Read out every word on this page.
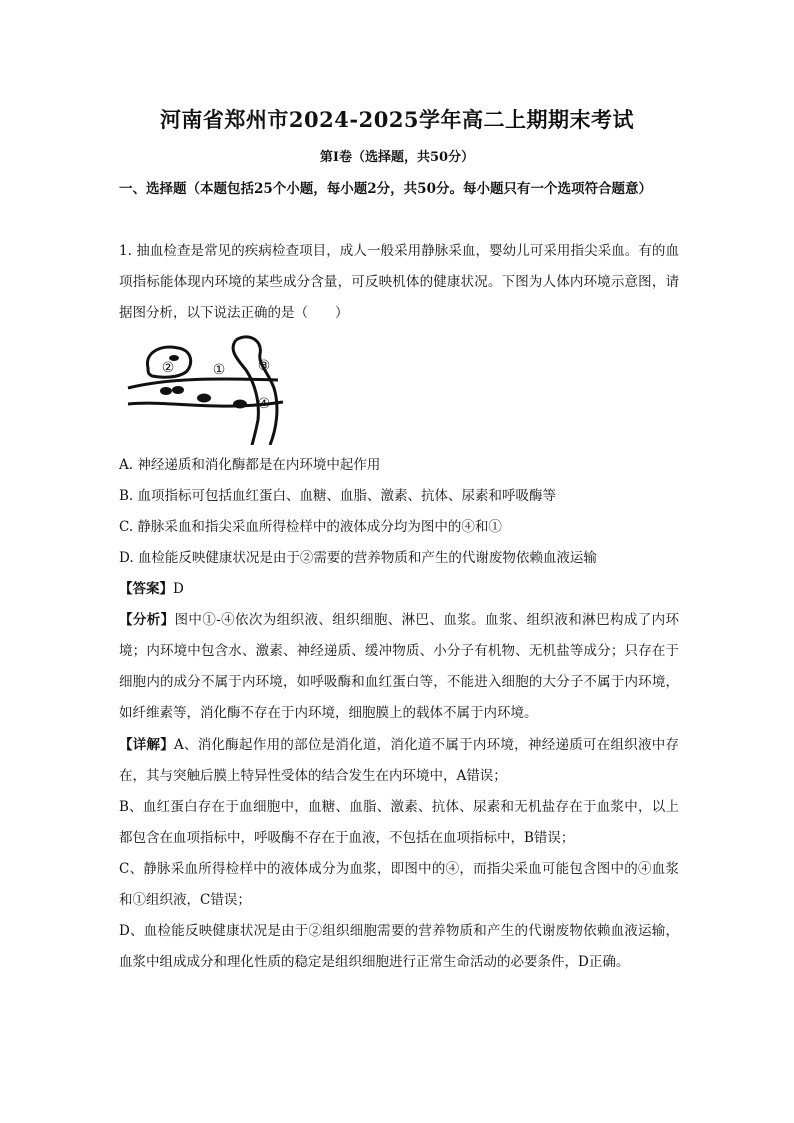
河南省郑州市2024-2025学年高二上期期末考试
第I卷（选择题，共50分）
一、选择题（本题包括25个小题，每小题2分，共50分。每小题只有一个选项符合题意）
1. 抽血检查是常见的疾病检查项目，成人一般采用静脉采血，婴幼儿可采用指尖采血。有的血项指标能体现内环境的某些成分含量，可反映机体的健康状况。下图为人体内环境示意图，请据图分析，以下说法正确的是（　　）
②	① ③
④
A. 神经递质和消化酶都是在内环境中起作用
B. 血项指标可包括血红蛋白、血糖、血脂、激素、抗体、尿素和呼吸酶等
C. 静脉采血和指尖采血所得检样中的液体成分均为图中的④和①
D. 血检能反映健康状况是由于②需要的营养物质和产生的代谢废物依赖血液运输
【答案】D
【分析】图中①-④依次为组织液、组织细胞、淋巴、血浆。血浆、组织液和淋巴构成了内环境；内环境中包含水、激素、神经递质、缓冲物质、小分子有机物、无机盐等成分；只存在于细胞内的成分不属于内环境，如呼吸酶和血红蛋白等，不能进入细胞的大分子不属于内环境，如纤维素等，消化酶不存在于内环境，细胞膜上的载体不属于内环境。
【详解】A、消化酶起作用的部位是消化道，消化道不属于内环境，神经递质可在组织液中存在，其与突触后膜上特异性受体的结合发生在内环境中，A错误；
B、血红蛋白存在于血细胞中，血糖、血脂、激素、抗体、尿素和无机盐存在于血浆中，以上都包含在血项指标中，呼吸酶不存在于血液，不包括在血项指标中，B错误；
C、静脉采血所得检样中的液体成分为血浆，即图中的④，而指尖采血可能包含图中的④血浆和①组织液，C错误；
D、血检能反映健康状况是由于②组织细胞需要的营养物质和产生的代谢废物依赖血液运输，血浆中组成成分和理化性质的稳定是组织细胞进行正常生命活动的必要条件，D正确。
